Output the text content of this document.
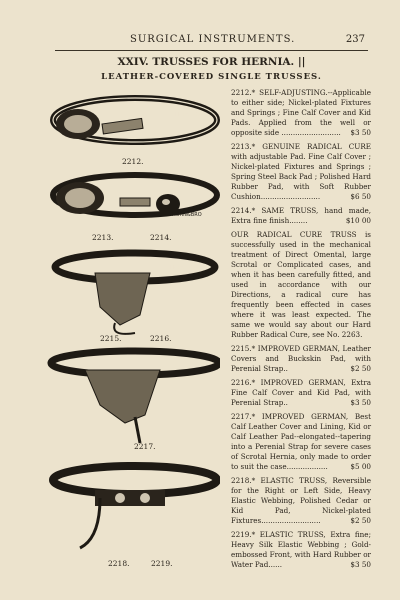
SURGICAL INSTRUMENTS.	237
XXIV. TRUSSES FOR HERNIA. ||
LEATHER-COVERED SINGLE TRUSSES.
HORN&BRO
2212.
HORN&BRO
2213.	2214.
HORN&BRO
2215.	2216.
2217.
2218.	2219.
2212.* SELF-ADJUSTING.--Applicable to either side; Nickel-plated Fixtures and Springs ; Fine Calf Cover and Kid Pads. Applied from the well or opposite side .......................... $3 50
2213.* GENUINE RADICAL CURE with adjustable Pad. Fine Calf Cover ; Nickel-plated Fixtures and Springs ; Spring Steel Back Pad ; Polished Hard Rubber Pad, with Soft Rubber Cushion..........................	$6 50
2214.* SAME TRUSS, hand made, Extra fine finish........	$10 00
OUR RADICAL CURE TRUSS is successfully used in the mechanical treatment of Direct Omental, large Scrotal or Complicated cases, and when it has been carefully fitted, and used in accordance with our Directions, a radical cure has frequently been effected in cases where it was least expected. The same we would say about our Hard Rubber Radical Cure, see No. 2263.
2215.* IMPROVED GERMAN, Leather Covers and Buckskin Pad, with Perenial Strap..	$2 50
2216.* IMPROVED GERMAN, Extra Fine Calf Cover and Kid Pad, with Perenial Strap..	$3 50
2217.* IMPROVED GERMAN, Best Calf Leather Cover and Lining, Kid or Calf Leather Pad--elongated--tapering into a Perenial Strap for severe cases of Scrotal Hernia, only made to order to suit the case..................	$5 00
2218.* ELASTIC TRUSS, Reversible for the Right or Left Side, Heavy Elastic Webbing, Polished Cedar or Kid Pad, Nickel-plated Fixtures..........................	$2 50
2219.* ELASTIC TRUSS, Extra fine; Heavy Silk Elastic Webbing ; Gold-embossed Front, with Hard Rubber or Water Pad......	$3 50
